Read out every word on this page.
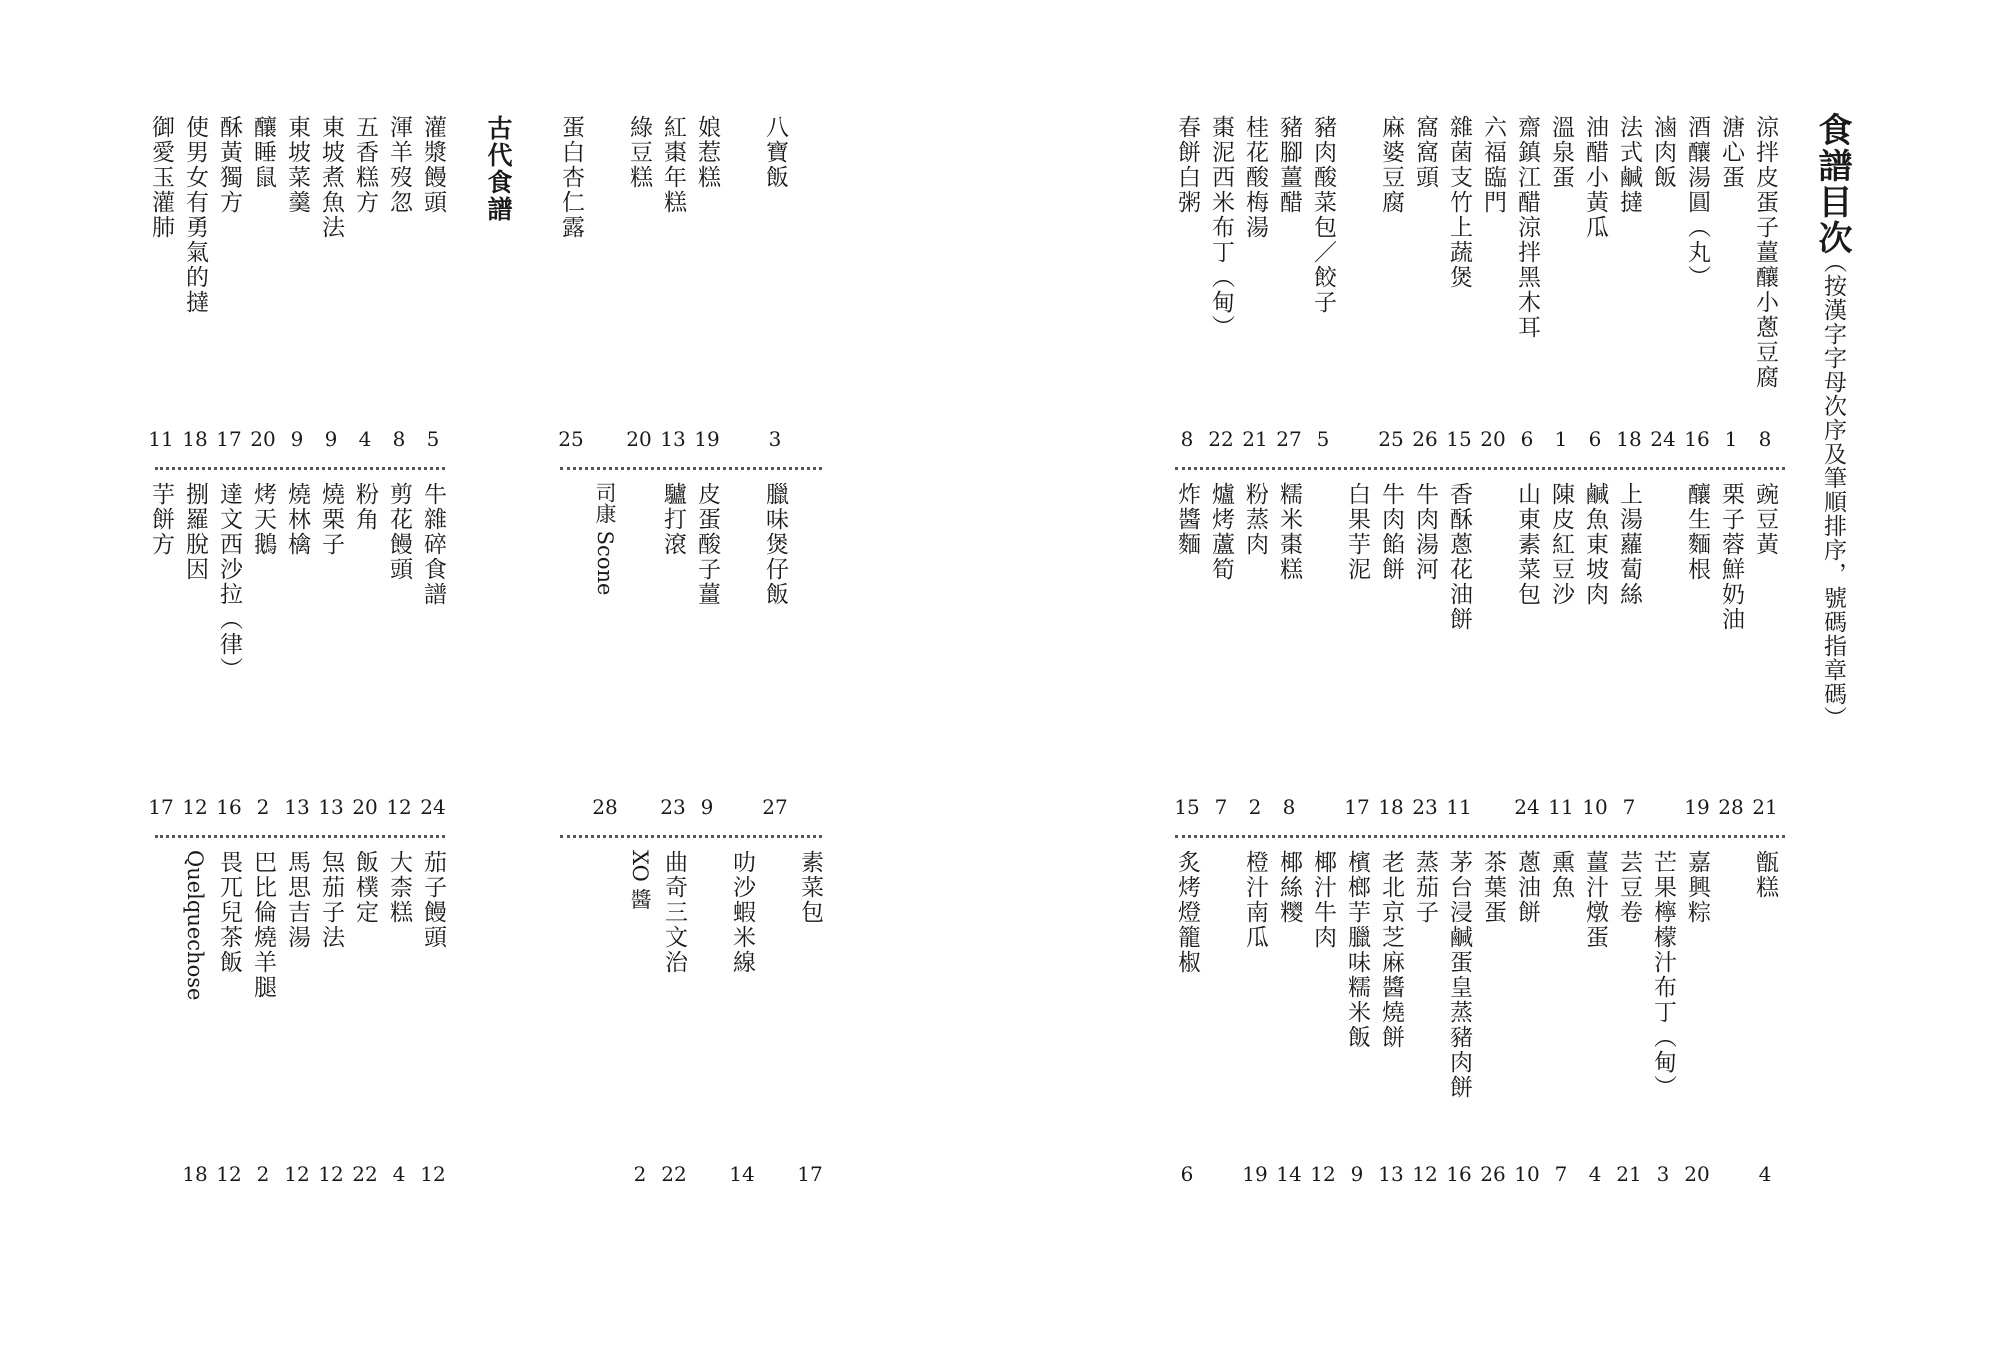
食譜目次
（按漢字字母次序及筆順排序，號碼指章碼）
涼拌皮蛋子薑釀小蔥豆腐
8
溏心蛋
1
酒釀湯圓（丸）
16
滷肉飯
24
法式鹹撻
18
油醋小黃瓜
6
溫泉蛋
1
齋鎮江醋涼拌黑木耳
6
六福臨門
20
雜菌支竹上蔬煲
15
窩窩頭
26
麻婆豆腐
25
豬肉酸菜包／餃子
5
豬腳薑醋
27
桂花酸梅湯
21
棗泥西米布丁（甸）
22
春餅白粥
8
豌豆黃
21
栗子蓉鮮奶油
28
釀生麵根
19
上湯蘿蔔絲
7
鹹魚東坡肉
10
陳皮紅豆沙
11
山東素菜包
24
香酥蔥花油餅
11
牛肉湯河
23
牛肉餡餅
18
白果芋泥
17
糯米棗糕
8
粉蒸肉
2
爐烤蘆筍
7
炸醬麵
15
甑糕
4
嘉興粽
20
芒果檸檬汁布丁（甸）
3
芸豆卷
21
薑汁燉蛋
4
熏魚
7
蔥油餅
10
茶葉蛋
26
茅台浸鹹蛋皇蒸豬肉餅
16
蒸茄子
12
老北京芝麻醬燒餅
13
檳榔芋臘味糯米飯
9
椰汁牛肉
12
椰絲糭
14
橙汁南瓜
19
炙烤燈籠椒
6
八寶飯
3
娘惹糕
19
紅棗年糕
13
綠豆糕
20
蛋白杏仁露
25
臘味煲仔飯
27
皮蛋酸子薑
9
驢打滾
23
司康 Scone
28
素菜包
17
叻沙蝦米線
14
曲奇三文治
22
XO 醬
2
古代食譜
灌漿饅頭
5
渾羊歿忽
8
五香糕方
4
東坡煮魚法
9
東坡菜羹
9
釀睡鼠
20
酥黃獨方
17
使男女有勇氣的撻
18
御愛玉灌肺
11
牛雜碎食譜
24
剪花饅頭
12
粉角
20
燒栗子
13
燒林檎
13
烤天鵝
2
達文西沙拉（律）
16
捌羅脫因
12
芋餅方
17
茄子饅頭
12
大柰糕
4
飯樸定
22
炰茄子法
12
馬思吉湯
12
巴比倫燒羊腿
2
畏兀兒茶飯
12
Quelquechose
18
